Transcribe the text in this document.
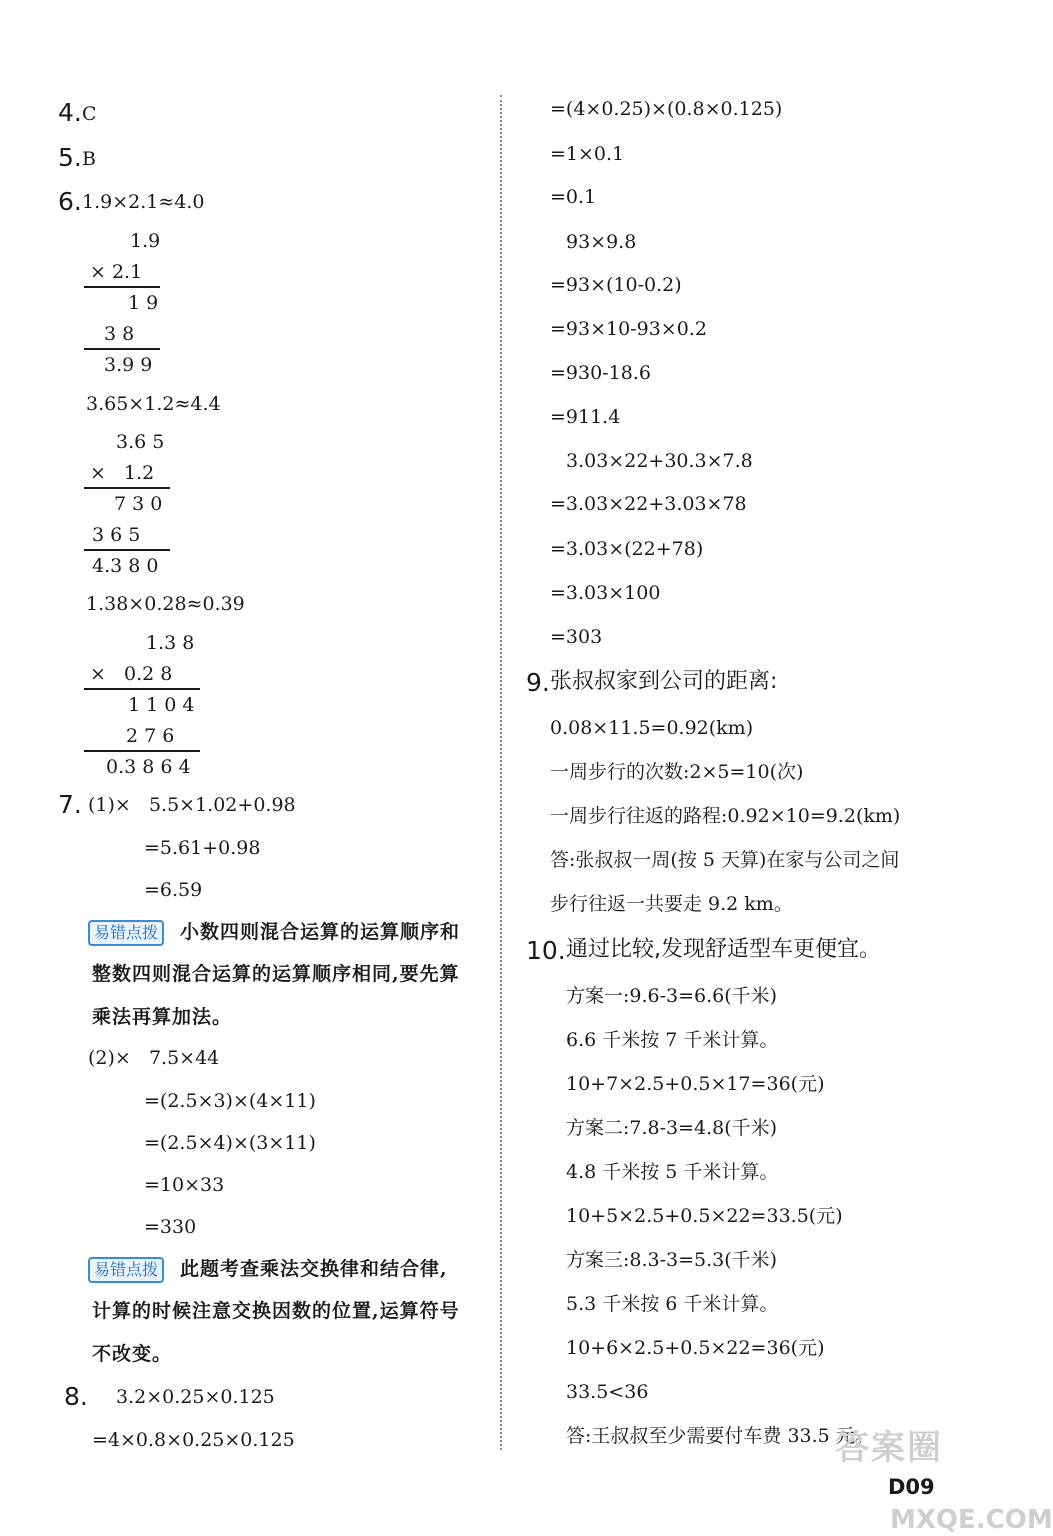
4. C
5. B
6. 1.9×2.1≈4.0
1.9
× 2.1
1 9
3 8
3.9 9
3.65×1.2≈4.4
3.6 5
×   1.2
7 3 0
3 6 5
4.3 8 0
1.38×0.28≈0.39
1.3 8
×   0.2 8
1 1 0 4
2 7 6
0.3 8 6 4
7. (1)×   5.5×1.02+0.98
=5.61+0.98
=6.59
易错点拨	小数四则混合运算的运算顺序和
整数四则混合运算的运算顺序相同,要先算
乘法再算加法。
(2)×   7.5×44
=(2.5×3)×(4×11)
=(2.5×4)×(3×11)
=10×33
=330
易错点拨	此题考查乘法交换律和结合律,
计算的时候注意交换因数的位置,运算符号
不改变。
8. 3.2×0.25×0.125
=4×0.8×0.25×0.125
=(4×0.25)×(0.8×0.125)
=1×0.1
=0.1
93×9.8
=93×(10-0.2)
=93×10-93×0.2
=930-18.6
=911.4
3.03×22+30.3×7.8
=3.03×22+3.03×78
=3.03×(22+78)
=3.03×100
=303
9. 张叔叔家到公司的距离:
0.08×11.5=0.92(km)
一周步行的次数:2×5=10(次)
一周步行往返的路程:0.92×10=9.2(km)
答:张叔叔一周(按 5 天算)在家与公司之间
步行往返一共要走 9.2 km。
10. 通过比较,发现舒适型车更便宜。
方案一:9.6-3=6.6(千米)
6.6 千米按 7 千米计算。
10+7×2.5+0.5×17=36(元)
方案二:7.8-3=4.8(千米)
4.8 千米按 5 千米计算。
10+5×2.5+0.5×22=33.5(元)
方案三:8.3-3=5.3(千米)
5.3 千米按 6 千米计算。
10+6×2.5+0.5×22=36(元)
33.5<36
答:王叔叔至少需要付车费 33.5 元。
答案圈
D09
MXQE.COM
